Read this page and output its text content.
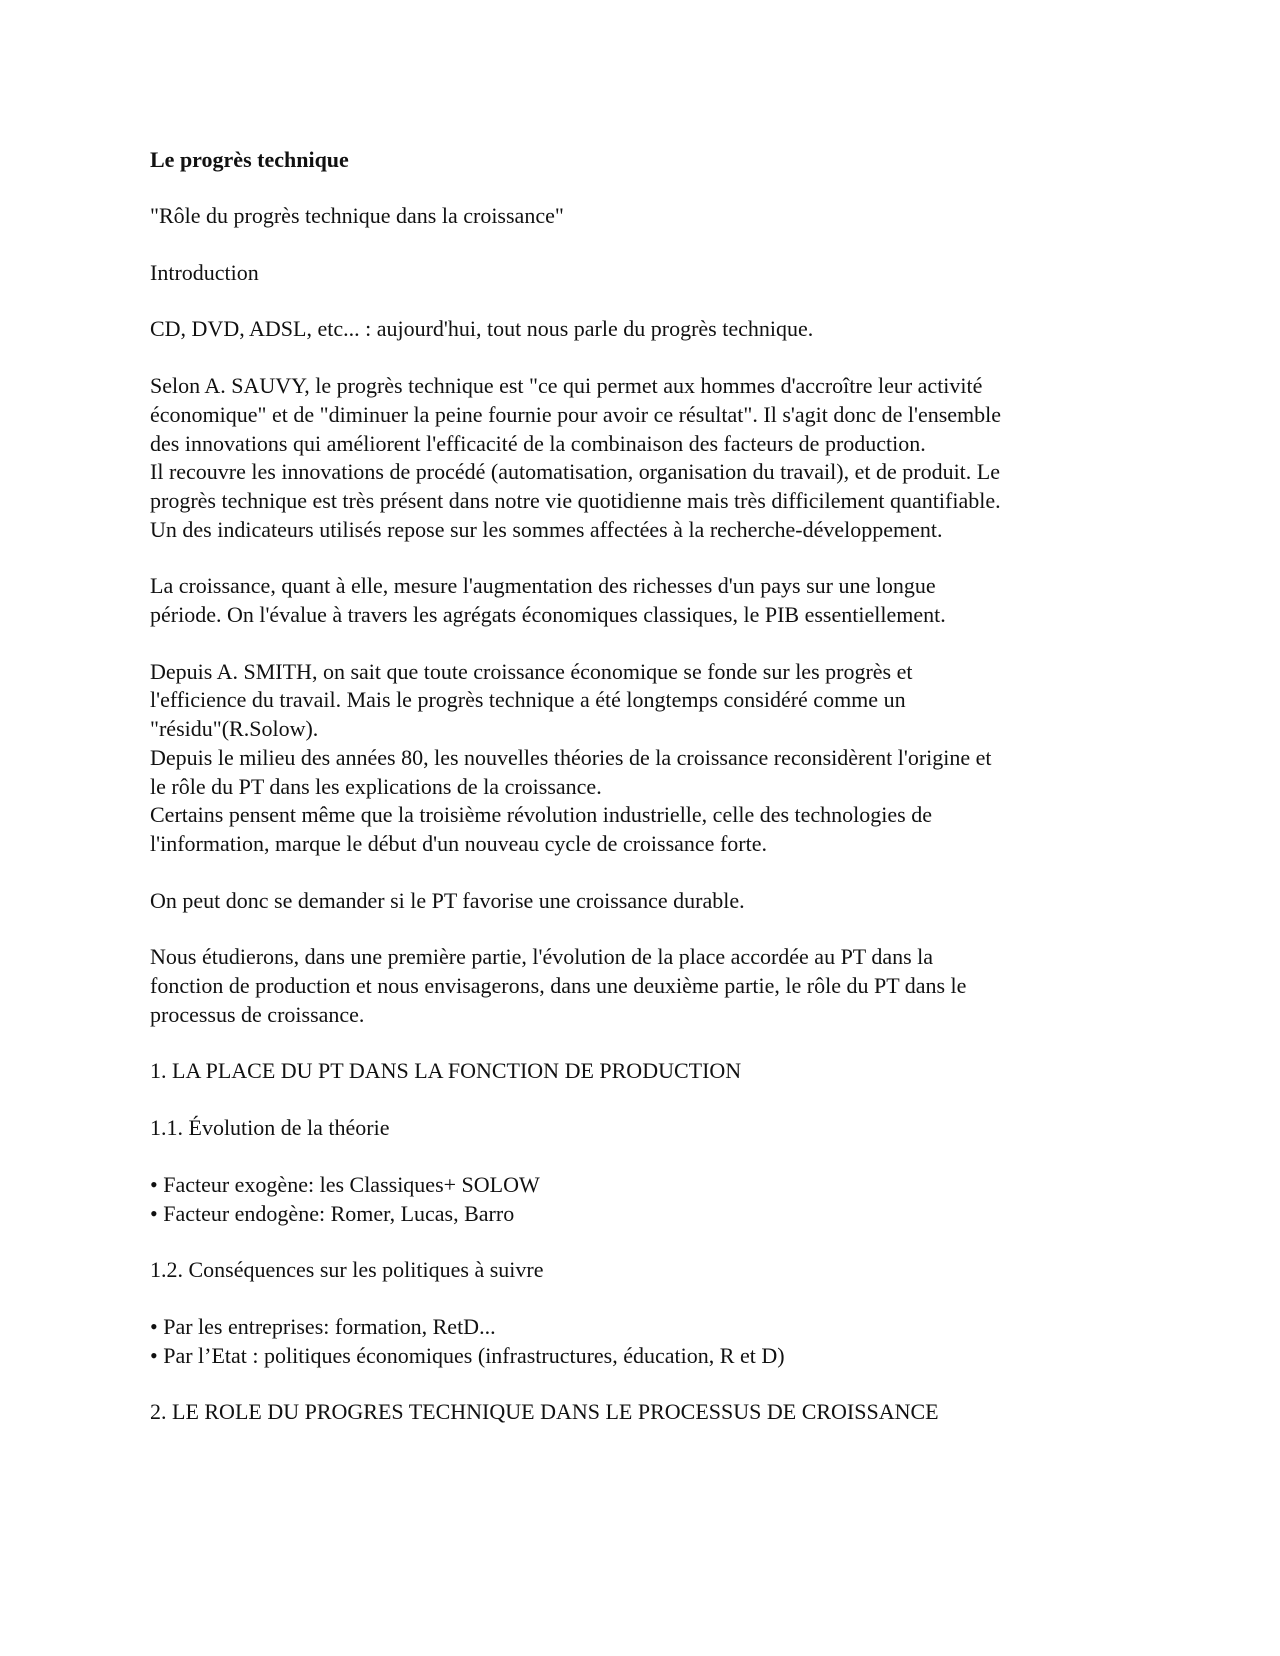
Le progrès technique
"Rôle du progrès technique dans la croissance"
Introduction
CD, DVD, ADSL, etc... : aujourd'hui, tout nous parle du progrès technique.
Selon A. SAUVY, le progrès technique est "ce qui permet aux hommes d'accroître leur activité
économique" et de "diminuer la peine fournie pour avoir ce résultat". Il s'agit donc de l'ensemble
des innovations qui améliorent l'efficacité de la combinaison des facteurs de production.
Il recouvre les innovations de procédé (automatisation, organisation du travail), et de produit. Le
progrès technique est très présent dans notre vie quotidienne mais très difficilement quantifiable.
Un des indicateurs utilisés repose sur les sommes affectées à la recherche-développement.
La croissance, quant à elle, mesure l'augmentation des richesses d'un pays sur une longue
période. On l'évalue à travers les agrégats économiques classiques, le PIB essentiellement.
Depuis A. SMITH, on sait que toute croissance économique se fonde sur les progrès et
l'efficience du travail. Mais le progrès technique a été longtemps considéré comme un
"résidu"(R.Solow).
Depuis le milieu des années 80, les nouvelles théories de la croissance reconsidèrent l'origine et
le rôle du PT dans les explications de la croissance.
Certains pensent même que la troisième révolution industrielle, celle des technologies de
l'information, marque le début d'un nouveau cycle de croissance forte.
On peut donc se demander si le PT favorise une croissance durable.
Nous étudierons, dans une première partie, l'évolution de la place accordée au PT dans la
fonction de production et nous envisagerons, dans une deuxième partie, le rôle du PT dans le
processus de croissance.
1. LA PLACE DU PT DANS LA FONCTION DE PRODUCTION
1.1. Évolution de la théorie
• Facteur exogène: les Classiques+ SOLOW
• Facteur endogène: Romer, Lucas, Barro
1.2. Conséquences sur les politiques à suivre
• Par les entreprises: formation, RetD...
• Par l’Etat : politiques économiques (infrastructures, éducation, R et D)
2. LE ROLE DU PROGRES TECHNIQUE DANS LE PROCESSUS DE CROISSANCE
